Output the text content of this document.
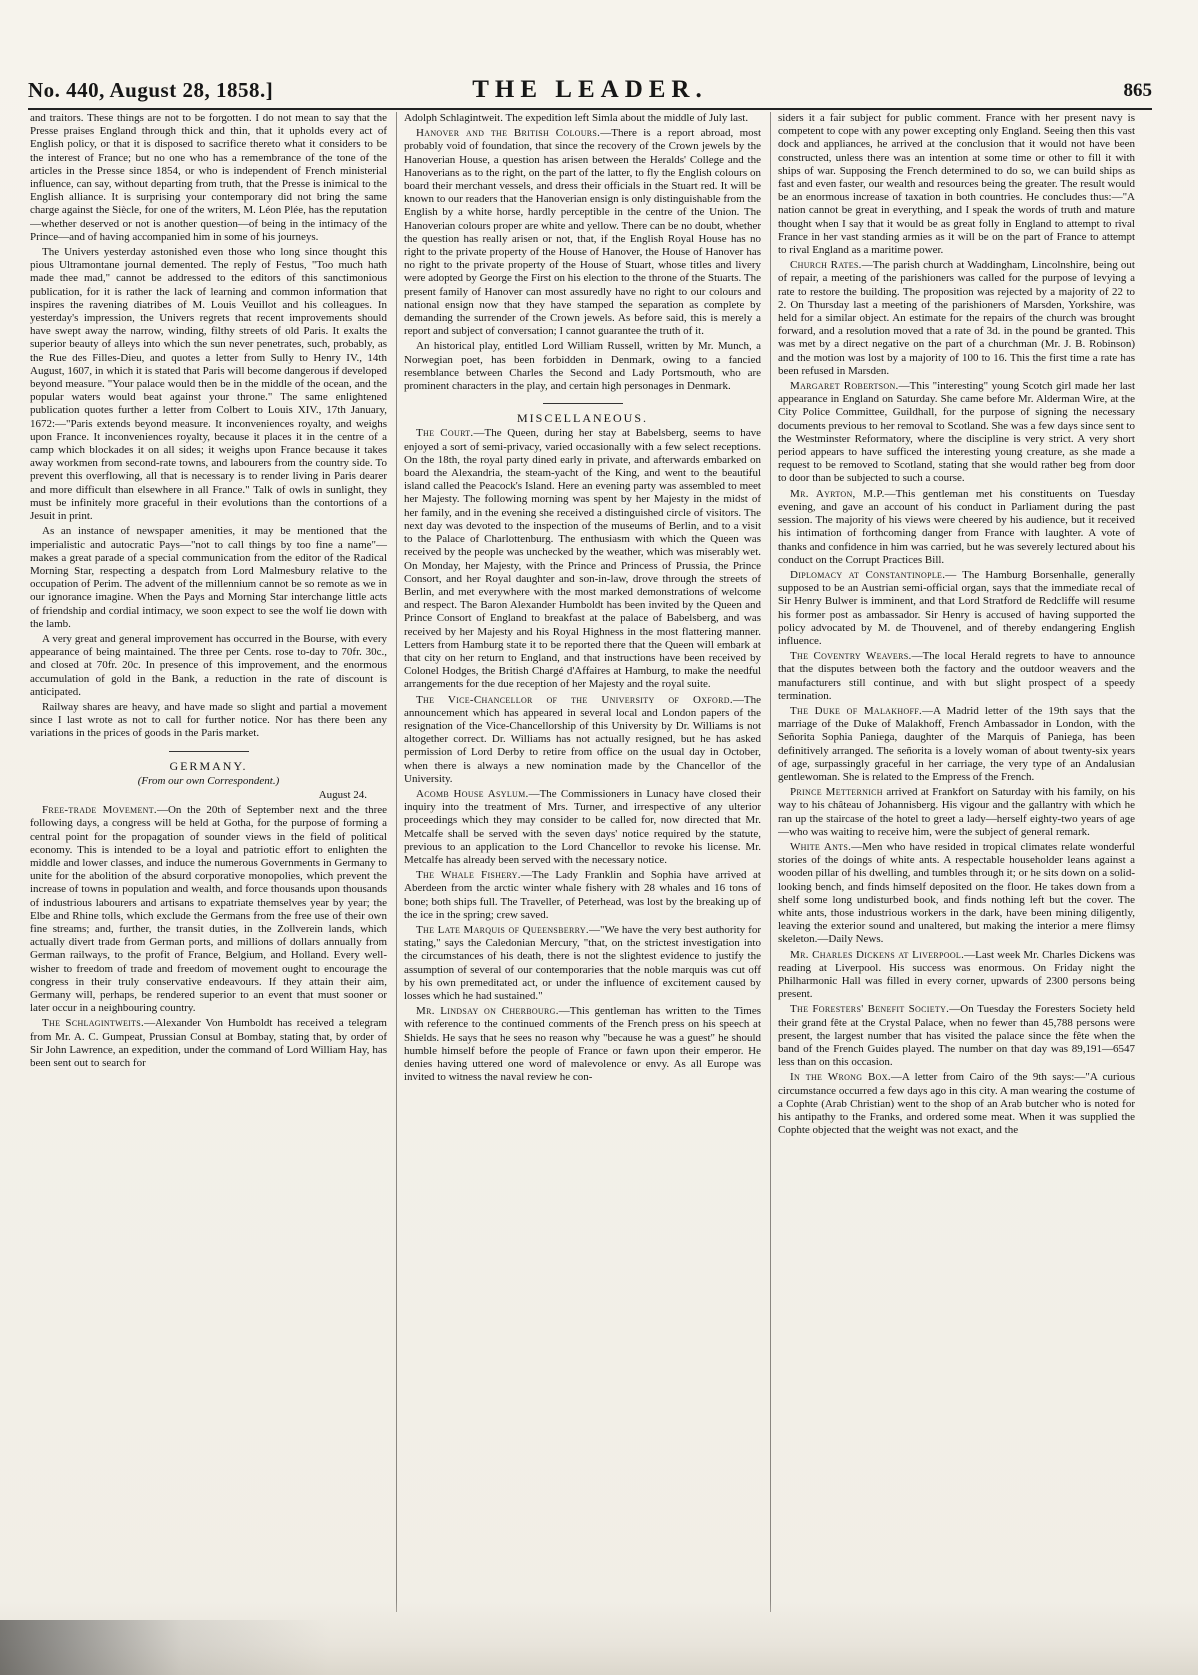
No. 440, August 28, 1858.]	THE LEADER.	865

and traitors. These things are not to be forgotten. I do not mean to say that the Presse praises England through thick and thin, that it upholds every act of English policy, or that it is disposed to sacrifice thereto what it considers to be the interest of France; but no one who has a remembrance of the tone of the articles in the Presse since 1854, or who is independent of French ministerial influence, can say, without departing from truth, that the Presse is inimical to the English alliance. It is surprising your contemporary did not bring the same charge against the Siècle, for one of the writers, M. Léon Plée, has the reputation—whether deserved or not is another question—of being in the intimacy of the Prince—and of having accompanied him in some of his journeys.

The Univers yesterday astonished even those who long since thought this pious Ultramontane journal demented. The reply of Festus, "Too much hath made thee mad," cannot be addressed to the editors of this sanctimonious publication, for it is rather the lack of learning and common information that inspires the ravening diatribes of M. Louis Veuillot and his colleagues. In yesterday's impression, the Univers regrets that recent improvements should have swept away the narrow, winding, filthy streets of old Paris. It exalts the superior beauty of alleys into which the sun never penetrates, such, probably, as the Rue des Filles-Dieu, and quotes a letter from Sully to Henry IV., 14th August, 1607, in which it is stated that Paris will become dangerous if developed beyond measure. "Your palace would then be in the middle of the ocean, and the popular waters would beat against your throne." The same enlightened publication quotes further a letter from Colbert to Louis XIV., 17th January, 1672:—"Paris extends beyond measure. It inconveniences royalty, and weighs upon France. It inconveniences royalty, because it places it in the centre of a camp which blockades it on all sides; it weighs upon France because it takes away workmen from second-rate towns, and labourers from the country side. To prevent this overflowing, all that is necessary is to render living in Paris dearer and more difficult than elsewhere in all France." Talk of owls in sunlight, they must be infinitely more graceful in their evolutions than the contortions of a Jesuit in print.

As an instance of newspaper amenities, it may be mentioned that the imperialistic and autocratic Pays—"not to call things by too fine a name"—makes a great parade of a special communication from the editor of the Radical Morning Star, respecting a despatch from Lord Malmesbury relative to the occupation of Perim. The advent of the millennium cannot be so remote as we in our ignorance imagine. When the Pays and Morning Star interchange little acts of friendship and cordial intimacy, we soon expect to see the wolf lie down with the lamb.

A very great and general improvement has occurred in the Bourse, with every appearance of being maintained. The three per Cents. rose to-day to 70fr. 30c., and closed at 70fr. 20c. In presence of this improvement, and the enormous accumulation of gold in the Bank, a reduction in the rate of discount is anticipated.

Railway shares are heavy, and have made so slight and partial a movement since I last wrote as not to call for further notice. Nor has there been any variations in the prices of goods in the Paris market.

GERMANY.
(From our own Correspondent.)
August 24.

Free-trade Movement.—On the 20th of September next and the three following days, a congress will be held at Gotha, for the purpose of forming a central point for the propagation of sounder views in the field of political economy. This is intended to be a loyal and patriotic effort to enlighten the middle and lower classes, and induce the numerous Governments in Germany to unite for the abolition of the absurd corporative monopolies, which prevent the increase of towns in population and wealth, and force thousands upon thousands of industrious labourers and artisans to expatriate themselves year by year; the Elbe and Rhine tolls, which exclude the Germans from the free use of their own fine streams; and, further, the transit duties, in the Zollverein lands, which actually divert trade from German ports, and millions of dollars annually from German railways, to the profit of France, Belgium, and Holland. Every well-wisher to freedom of trade and freedom of movement ought to encourage the congress in their truly conservative endeavours. If they attain their aim, Germany will, perhaps, be rendered superior to an event that must sooner or later occur in a neighbouring country.

The Schlagintweits.—Alexander Von Humboldt has received a telegram from Mr. A. C. Gumpeat, Prussian Consul at Bombay, stating that, by order of Sir John Lawrence, an expedition, under the command of Lord William Hay, has been sent out to search for

Adolph Schlagintweit. The expedition left Simla about the middle of July last.

Hanover and the British Colours.—There is a report abroad, most probably void of foundation, that since the recovery of the Crown jewels by the Hanoverian House, a question has arisen between the Heralds' College and the Hanoverians as to the right, on the part of the latter, to fly the English colours on board their merchant vessels, and dress their officials in the Stuart red. It will be known to our readers that the Hanoverian ensign is only distinguishable from the English by a white horse, hardly perceptible in the centre of the Union. The Hanoverian colours proper are white and yellow. There can be no doubt, whether the question has really arisen or not, that, if the English Royal House has no right to the private property of the House of Hanover, the House of Hanover has no right to the private property of the House of Stuart, whose titles and livery were adopted by George the First on his election to the throne of the Stuarts. The present family of Hanover can most assuredly have no right to our colours and national ensign now that they have stamped the separation as complete by demanding the surrender of the Crown jewels. As before said, this is merely a report and subject of conversation; I cannot guarantee the truth of it.

An historical play, entitled Lord William Russell, written by Mr. Munch, a Norwegian poet, has been forbidden in Denmark, owing to a fancied resemblance between Charles the Second and Lady Portsmouth, who are prominent characters in the play, and certain high personages in Denmark.

MISCELLANEOUS.

The Court.—The Queen, during her stay at Babelsberg, seems to have enjoyed a sort of semi-privacy, varied occasionally with a few select receptions. On the 18th, the royal party dined early in private, and afterwards embarked on board the Alexandria, the steam-yacht of the King, and went to the beautiful island called the Peacock's Island. Here an evening party was assembled to meet her Majesty. The following morning was spent by her Majesty in the midst of her family, and in the evening she received a distinguished circle of visitors. The next day was devoted to the inspection of the museums of Berlin, and to a visit to the Palace of Charlottenburg. The enthusiasm with which the Queen was received by the people was unchecked by the weather, which was miserably wet. On Monday, her Majesty, with the Prince and Princess of Prussia, the Prince Consort, and her Royal daughter and son-in-law, drove through the streets of Berlin, and met everywhere with the most marked demonstrations of welcome and respect. The Baron Alexander Humboldt has been invited by the Queen and Prince Consort of England to breakfast at the palace of Babelsberg, and was received by her Majesty and his Royal Highness in the most flattering manner. Letters from Hamburg state it to be reported there that the Queen will embark at that city on her return to England, and that instructions have been received by Colonel Hodges, the British Chargé d'Affaires at Hamburg, to make the needful arrangements for the due reception of her Majesty and the royal suite.

The Vice-Chancellor of the University of Oxford.—The announcement which has appeared in several local and London papers of the resignation of the Vice-Chancellorship of this University by Dr. Williams is not altogether correct. Dr. Williams has not actually resigned, but he has asked permission of Lord Derby to retire from office on the usual day in October, when there is always a new nomination made by the Chancellor of the University.

Acomb House Asylum.—The Commissioners in Lunacy have closed their inquiry into the treatment of Mrs. Turner, and irrespective of any ulterior proceedings which they may consider to be called for, now directed that Mr. Metcalfe shall be served with the seven days' notice required by the statute, previous to an application to the Lord Chancellor to revoke his license. Mr. Metcalfe has already been served with the necessary notice.

The Whale Fishery.—The Lady Franklin and Sophia have arrived at Aberdeen from the arctic winter whale fishery with 28 whales and 16 tons of bone; both ships full. The Traveller, of Peterhead, was lost by the breaking up of the ice in the spring; crew saved.

The Late Marquis of Queensberry.—"We have the very best authority for stating," says the Caledonian Mercury, "that, on the strictest investigation into the circumstances of his death, there is not the slightest evidence to justify the assumption of several of our contemporaries that the noble marquis was cut off by his own premeditated act, or under the influence of excitement caused by losses which he had sustained."

Mr. Lindsay on Cherbourg.—This gentleman has written to the Times with reference to the continued comments of the French press on his speech at Shields. He says that he sees no reason why "because he was a guest" he should humble himself before the people of France or fawn upon their emperor. He denies having uttered one word of malevolence or envy. As all Europe was invited to witness the naval review he con-

siders it a fair subject for public comment. France with her present navy is competent to cope with any power excepting only England. Seeing then this vast dock and appliances, he arrived at the conclusion that it would not have been constructed, unless there was an intention at some time or other to fill it with ships of war. Supposing the French determined to do so, we can build ships as fast and even faster, our wealth and resources being the greater. The result would be an enormous increase of taxation in both countries. He concludes thus:—"A nation cannot be great in everything, and I speak the words of truth and mature thought when I say that it would be as great folly in England to attempt to rival France in her vast standing armies as it will be on the part of France to attempt to rival England as a maritime power.

Church Rates.—The parish church at Waddingham, Lincolnshire, being out of repair, a meeting of the parishioners was called for the purpose of levying a rate to restore the building. The proposition was rejected by a majority of 22 to 2. On Thursday last a meeting of the parishioners of Marsden, Yorkshire, was held for a similar object. An estimate for the repairs of the church was brought forward, and a resolution moved that a rate of 3d. in the pound be granted. This was met by a direct negative on the part of a churchman (Mr. J. B. Robinson) and the motion was lost by a majority of 100 to 16. This the first time a rate has been refused in Marsden.

Margaret Robertson.—This "interesting" young Scotch girl made her last appearance in England on Saturday. She came before Mr. Alderman Wire, at the City Police Committee, Guildhall, for the purpose of signing the necessary documents previous to her removal to Scotland. She was a few days since sent to the Westminster Reformatory, where the discipline is very strict. A very short period appears to have sufficed the interesting young creature, as she made a request to be removed to Scotland, stating that she would rather beg from door to door than be subjected to such a course.

Mr. Ayrton, M.P.—This gentleman met his constituents on Tuesday evening, and gave an account of his conduct in Parliament during the past session. The majority of his views were cheered by his audience, but it received his intimation of forthcoming danger from France with laughter. A vote of thanks and confidence in him was carried, but he was severely lectured about his conduct on the Corrupt Practices Bill.

Diplomacy at Constantinople.— The Hamburg Borsenhalle, generally supposed to be an Austrian semi-official organ, says that the immediate recal of Sir Henry Bulwer is imminent, and that Lord Stratford de Redcliffe will resume his former post as ambassador. Sir Henry is accused of having supported the policy advocated by M. de Thouvenel, and of thereby endangering English influence.

The Coventry Weavers.—The local Herald regrets to have to announce that the disputes between both the factory and the outdoor weavers and the manufacturers still continue, and with but slight prospect of a speedy termination.

The Duke of Malakhoff.—A Madrid letter of the 19th says that the marriage of the Duke of Malakhoff, French Ambassador in London, with the Señorita Sophia Paniega, daughter of the Marquis of Paniega, has been definitively arranged. The señorita is a lovely woman of about twenty-six years of age, surpassingly graceful in her carriage, the very type of an Andalusian gentlewoman. She is related to the Empress of the French.

Prince Metternich arrived at Frankfort on Saturday with his family, on his way to his château of Johannisberg. His vigour and the gallantry with which he ran up the staircase of the hotel to greet a lady—herself eighty-two years of age—who was waiting to receive him, were the subject of general remark.

White Ants.—Men who have resided in tropical climates relate wonderful stories of the doings of white ants. A respectable householder leans against a wooden pillar of his dwelling, and tumbles through it; or he sits down on a solid-looking bench, and finds himself deposited on the floor. He takes down from a shelf some long undisturbed book, and finds nothing left but the cover. The white ants, those industrious workers in the dark, have been mining diligently, leaving the exterior sound and unaltered, but making the interior a mere flimsy skeleton.—Daily News.

Mr. Charles Dickens at Liverpool.—Last week Mr. Charles Dickens was reading at Liverpool. His success was enormous. On Friday night the Philharmonic Hall was filled in every corner, upwards of 2300 persons being present.

The Foresters' Benefit Society.—On Tuesday the Foresters Society held their grand fête at the Crystal Palace, when no fewer than 45,788 persons were present, the largest number that has visited the palace since the fête when the band of the French Guides played. The number on that day was 89,191—6547 less than on this occasion.

In the Wrong Box.—A letter from Cairo of the 9th says:—"A curious circumstance occurred a few days ago in this city. A man wearing the costume of a Cophte (Arab Christian) went to the shop of an Arab butcher who is noted for his antipathy to the Franks, and ordered some meat. When it was supplied the Cophte objected that the weight was not exact, and the
